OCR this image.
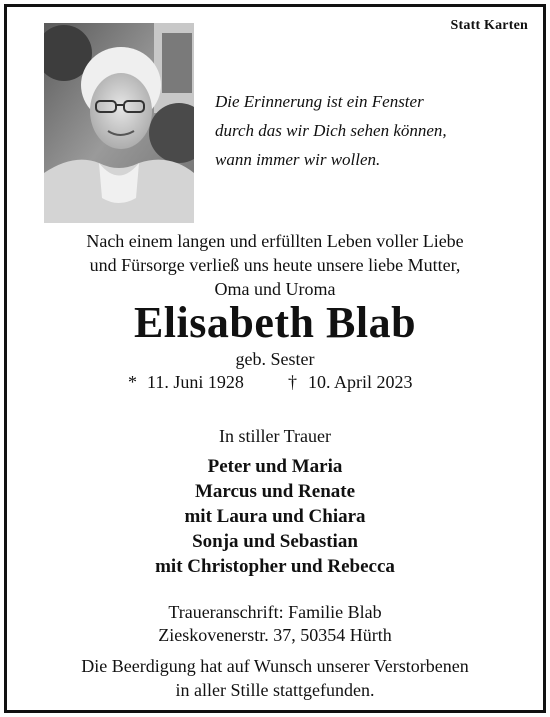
Statt Karten
Die Erinnerung ist ein Fenster
durch das wir Dich sehen können,
wann immer wir wollen.
Nach einem langen und erfüllten Leben voller Liebe
und Fürsorge verließ uns heute unsere liebe Mutter,
Oma und Uroma
Elisabeth Blab
geb. Sester
* 11. Juni 1928 † 10. April 2023
In stiller Trauer
Peter und Maria
Marcus und Renate
mit Laura und Chiara
Sonja und Sebastian
mit Christopher und Rebecca
Traueranschrift: Familie Blab
Zieskovenerstr. 37, 50354 Hürth
Die Beerdigung hat auf Wunsch unserer Verstorbenen
in aller Stille stattgefunden.
